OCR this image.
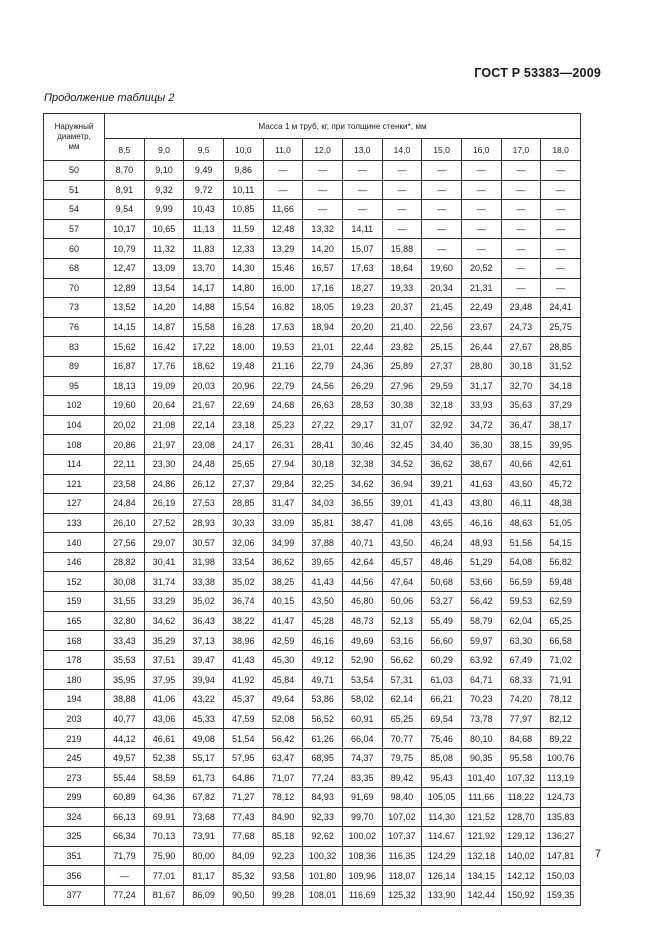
ГОСТ Р 53383—2009
Продолжение таблицы 2
Наружный
диаметр,
мм	Масса 1 м труб, кг, при толщине стенки*, мм											
	8,5	9,0	9,5	10,0	11,0	12,0	13,0	14,0	15,0	16,0	17,0	18,0
50	8,70	9,10	9,49	9,86	—	—	—	—	—	—	—	—
51	8,91	9,32	9,72	10,11	—	—	—	—	—	—	—	—
54	9,54	9,99	10,43	10,85	11,66	—	—	—	—	—	—	—
57	10,17	10,65	11,13	11,59	12,48	13,32	14,11	—	—	—	—	—
60	10,79	11,32	11,83	12,33	13,29	14,20	15,07	15,88	—	—	—	—
68	12,47	13,09	13,70	14,30	15,46	16,57	17,63	18,64	19,60	20,52	—	—
70	12,89	13,54	14,17	14,80	16,00	17,16	18,27	19,33	20,34	21,31	—	—
73	13,52	14,20	14,88	15,54	16,82	18,05	19,23	20,37	21,45	22,49	23,48	24,41
76	14,15	14,87	15,58	16,28	17,63	18,94	20,20	21,40	22,56	23,67	24,73	25,75
83	15,62	16,42	17,22	18,00	19,53	21,01	22,44	23,82	25,15	26,44	27,67	28,85
89	16,87	17,76	18,62	19,48	21,16	22,79	24,36	25,89	27,37	28,80	30,18	31,52
95	18,13	19,09	20,03	20,96	22,79	24,56	26,29	27,96	29,59	31,17	32,70	34,18
102	19,60	20,64	21,67	22,69	24,68	26,63	28,53	30,38	32,18	33,93	35,63	37,29
104	20,02	21,08	22,14	23,18	25,23	27,22	29,17	31,07	32,92	34,72	36,47	38,17
108	20,86	21,97	23,08	24,17	26,31	28,41	30,46	32,45	34,40	36,30	38,15	39,95
114	22,11	23,30	24,48	25,65	27,94	30,18	32,38	34,52	36,62	38,67	40,66	42,61
121	23,58	24,86	26,12	27,37	29,84	32,25	34,62	36,94	39,21	41,63	43,60	45,72
127	24,84	26,19	27,53	28,85	31,47	34,03	36,55	39,01	41,43	43,80	46,11	48,38
133	26,10	27,52	28,93	30,33	33,09	35,81	38,47	41,08	43,65	46,16	48,63	51,05
140	27,56	29,07	30,57	32,06	34,99	37,88	40,71	43,50	46,24	48,93	51,56	54,15
146	28,82	30,41	31,98	33,54	36,62	39,65	42,64	45,57	48,46	51,29	54,08	56,82
152	30,08	31,74	33,38	35,02	38,25	41,43	44,56	47,64	50,68	53,66	56,59	59,48
159	31,55	33,29	35,02	36,74	40,15	43,50	46,80	50,06	53,27	56,42	59,53	62,59
165	32,80	34,62	36,43	38,22	41,47	45,28	48,73	52,13	55,49	58,79	62,04	65,25
168	33,43	35,29	37,13	38,96	42,59	46,16	49,69	53,16	56,60	59,97	63,30	66,58
178	35,53	37,51	39,47	41,43	45,30	49,12	52,90	56,62	60,29	63,92	67,49	71,02
180	35,95	37,95	39,94	41,92	45,84	49,71	53,54	57,31	61,03	64,71	68,33	71,91
194	38,88	41,06	43,22	45,37	49,64	53,86	58,02	62,14	66,21	70,23	74,20	78,12
203	40,77	43,06	45,33	47,59	52,08	56,52	60,91	65,25	69,54	73,78	77,97	82,12
219	44,12	46,61	49,08	51,54	56,42	61,26	66,04	70,77	75,46	80,10	84,68	89,22
245	49,57	52,38	55,17	57,95	63,47	68,95	74,37	79,75	85,08	90,35	95,58	100,76
273	55,44	58,59	61,73	64,86	71,07	77,24	83,35	89,42	95,43	101,40	107,32	113,19
299	60,89	64,36	67,82	71,27	78,12	84,93	91,69	98,40	105,05	111,66	118,22	124,73
324	66,13	69,91	73,68	77,43	84,90	92,33	99,70	107,02	114,30	121,52	128,70	135,83
325	66,34	70,13	73,91	77,68	85,18	92,62	100,02	107,37	114,67	121,92	129,12	136,27
351	71,79	75,90	80,00	84,09	92,23	100,32	108,36	116,35	124,29	132,18	140,02	147,81
356	—	77,01	81,17	85,32	93,58	101,80	109,96	118,07	126,14	134,15	142,12	150,03
377	77,24	81,67	86,09	90,50	99,28	108,01	116,69	125,32	133,90	142,44	150,92	159,35
7
